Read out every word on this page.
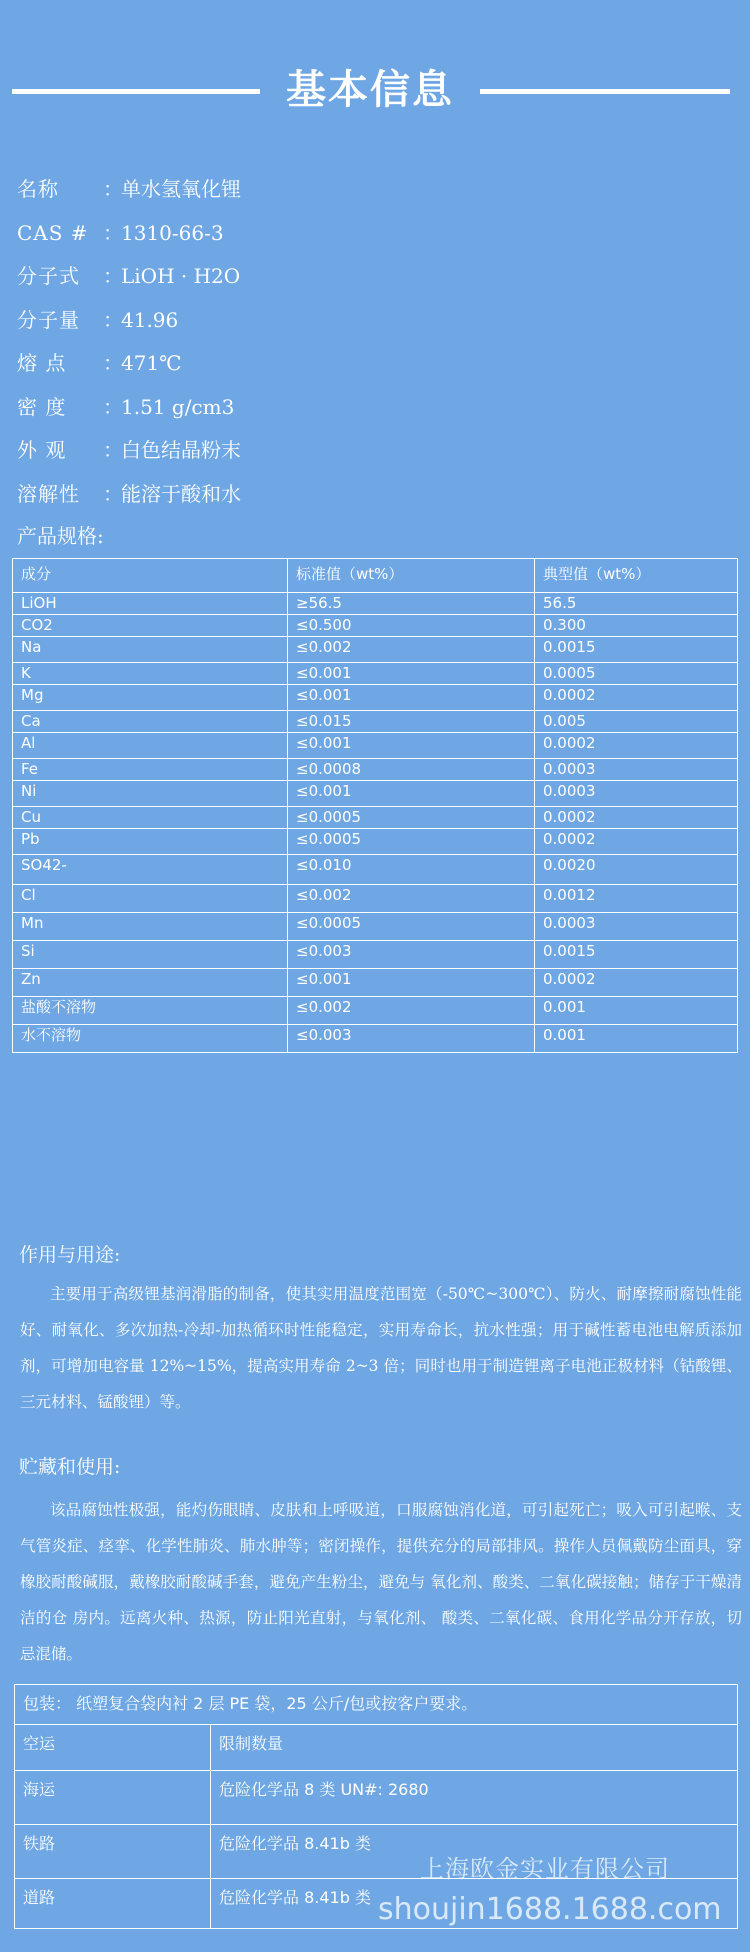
基本信息
名称 ：单水氢氧化锂
CAS # ：1310-66-3
分子式 ：LiOH · H2O
分子量 ：41.96
熔 点 ：471℃
密 度 ：1.51 g/cm3
外 观 ：白色结晶粉末
溶解性 ：能溶于酸和水
产品规格:
成分	标准值（wt%）	典型值（wt%）
LiOH	≥56.5	56.5
CO2	≤0.500	0.300
Na	≤0.002	0.0015
K	≤0.001	0.0005
Mg	≤0.001	0.0002
Ca	≤0.015	0.005
Al	≤0.001	0.0002
Fe	≤0.0008	0.0003
Ni	≤0.001	0.0003
Cu	≤0.0005	0.0002
Pb	≤0.0005	0.0002
SO42-	≤0.010	0.0020
Cl	≤0.002	0.0012
Mn	≤0.0005	0.0003
Si	≤0.003	0.0015
Zn	≤0.001	0.0002
盐酸不溶物	≤0.002	0.001
水不溶物	≤0.003	0.001
作用与用途:
主要用于高级锂基润滑脂的制备，使其实用温度范围宽（-50℃~300℃）、防火、耐摩擦耐腐蚀性能好、耐氧化、多次加热-冷却-加热循环时性能稳定，实用寿命长，抗水性强；用于碱性蓄电池电解质添加剂，可增加电容量 12%~15%，提高实用寿命 2~3 倍；同时也用于制造锂离子电池正极材料（钴酸锂、三元材料、锰酸锂）等。
贮藏和使用:
该品腐蚀性极强，能灼伤眼睛、皮肤和上呼吸道，口服腐蚀消化道，可引起死亡；吸入可引起喉、支气管炎症、痉挛、化学性肺炎、肺水肿等；密闭操作，提供充分的局部排风。操作人员佩戴防尘面具，穿橡胶耐酸碱服，戴橡胶耐酸碱手套，避免产生粉尘，避免与 氧化剂、酸类、二氧化碳接触；储存于干燥清洁的仓 房内。远离火种、热源，防止阳光直射，与氧化剂、 酸类、二氧化碳、食用化学品分开存放，切忌混储。
包装： 纸塑复合袋内衬 2 层 PE 袋，25 公斤/包或按客户要求。	
空运	限制数量
海运	危险化学品 8 类 UN#: 2680
铁路	危险化学品 8.41b 类
道路	危险化学品 8.41b 类
上海欧金实业有限公司
shoujin1688.1688.com
